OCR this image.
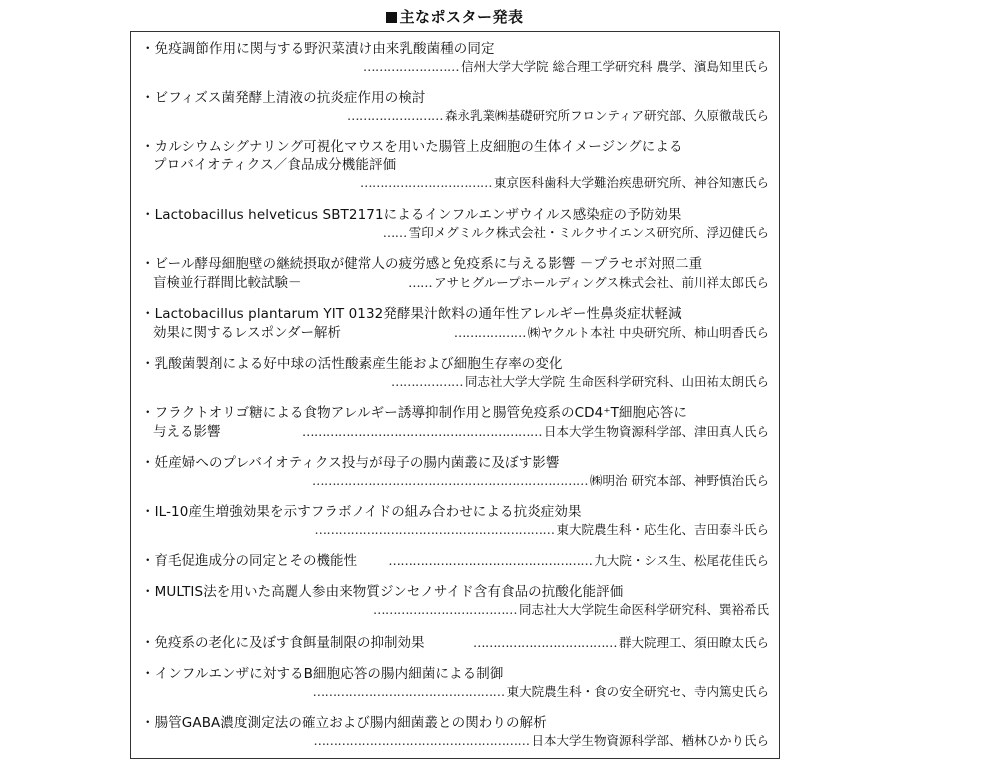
主なポスター発表
・免疫調節作用に関与する野沢菜漬け由来乳酸菌種の同定
…………………… 信州大学大学院 総合理工学研究科 農学、濱島知里氏ら
・ビフィズス菌発酵上清液の抗炎症作用の検討
…………………… 森永乳業㈱基礎研究所フロンティア研究部、久原徹哉氏ら
・カルシウムシグナリング可視化マウスを用いた腸管上皮細胞の生体イメージングによる
プロバイオティクス／食品成分機能評価
…………………………… 東京医科歯科大学難治疾患研究所、神谷知憲氏ら
・Lactobacillus helveticus SBT2171によるインフルエンザウイルス感染症の予防効果
…… 雪印メグミルク株式会社・ミルクサイエンス研究所、浮辺健氏ら
・ビール酵母細胞壁の継続摂取が健常人の疲労感と免疫系に与える影響 －プラセボ対照二重
盲検並行群間比較試験－	…… アサヒグループホールディングス株式会社、前川祥太郎氏ら
・Lactobacillus plantarum YIT 0132発酵果汁飲料の通年性アレルギー性鼻炎症状軽減
効果に関するレスポンダー解析	……………… ㈱ヤクルト本社 中央研究所、柿山明香氏ら
・乳酸菌製剤による好中球の活性酸素産生能および細胞生存率の変化
……………… 同志社大学大学院 生命医科学研究科、山田祐太朗氏ら
・フラクトオリゴ糖による食物アレルギー誘導抑制作用と腸管免疫系のCD4⁺T細胞応答に
与える影響	…………………………………………………… 日本大学生物資源科学部、津田真人氏ら
・妊産婦へのプレバイオティクス投与が母子の腸内菌叢に及ぼす影響
…………………………………………………………… ㈱明治 研究本部、神野慎治氏ら
・IL-10産生増強効果を示すフラボノイドの組み合わせによる抗炎症効果
…………………………………………………… 東大院農生科・応生化、吉田泰斗氏ら
・育毛促進成分の同定とその機能性	…………………………………………… 九大院・シス生、松尾花佳氏ら
・MULTIS法を用いた高麗人参由来物質ジンセノサイド含有食品の抗酸化能評価
……………………………… 同志社大大学院生命医科学研究科、巽裕希氏
・免疫系の老化に及ぼす食餌量制限の抑制効果	……………………………… 群大院理工、須田瞭太氏ら
・インフルエンザに対するB細胞応答の腸内細菌による制御
………………………………………… 東大院農生科・食の安全研究セ、寺内篤史氏ら
・腸管GABA濃度測定法の確立および腸内細菌叢との関わりの解析
……………………………………………… 日本大学生物資源科学部、楢林ひかり氏ら
